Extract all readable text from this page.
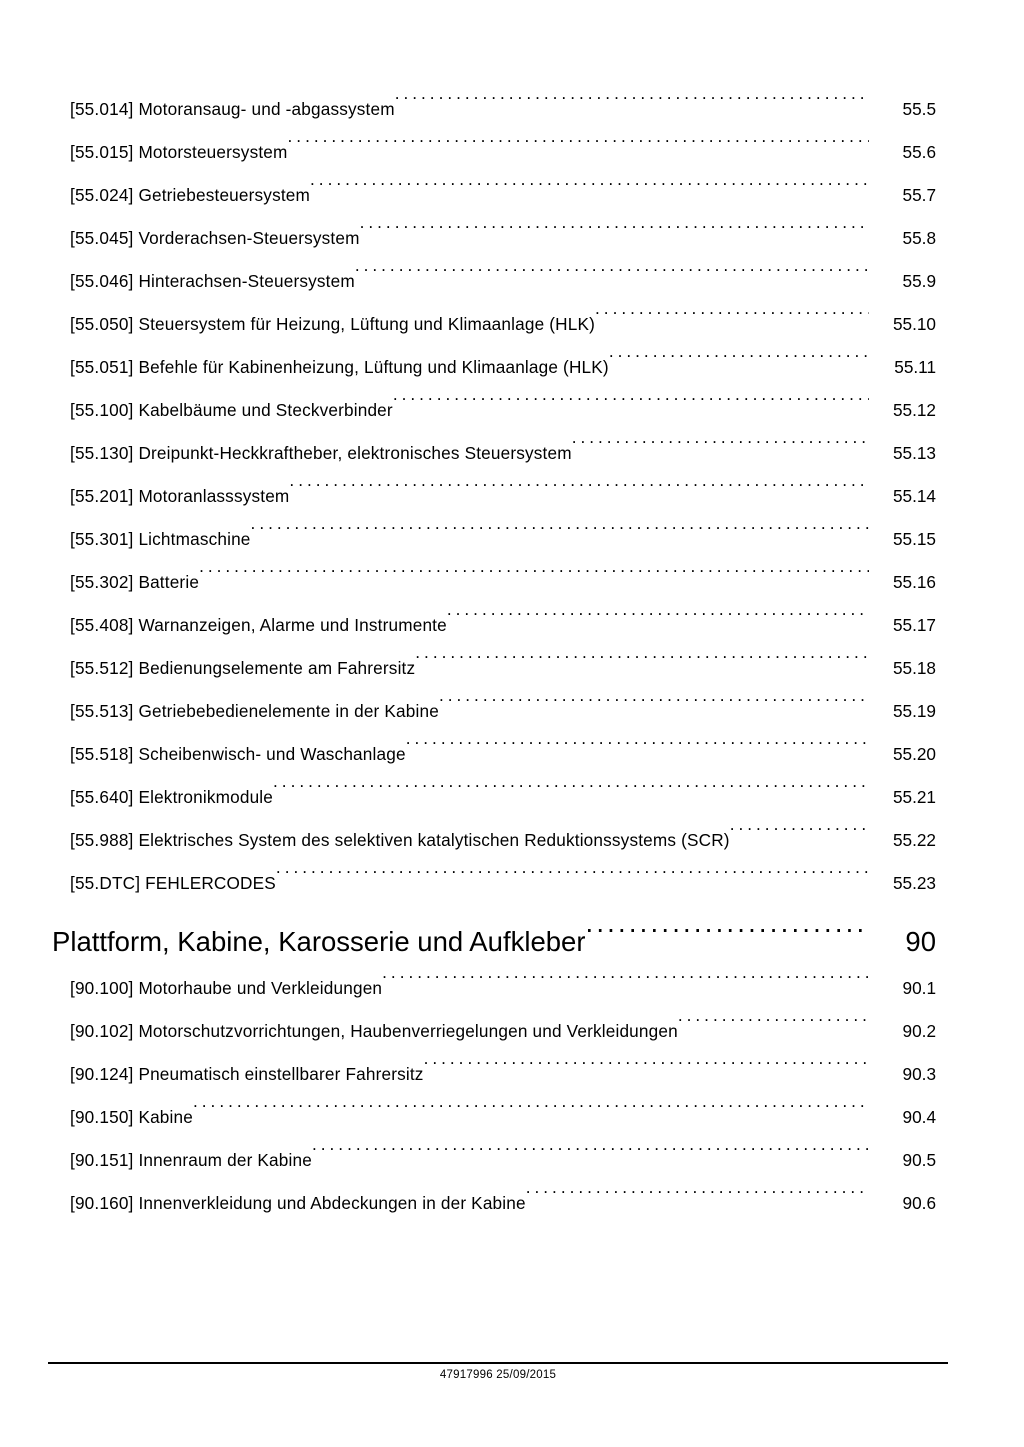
[55.014] Motoransaug- und -abgassystem .....	55.5
[55.015] Motorsteuersystem .....	55.6
[55.024] Getriebesteuersystem .....	55.7
[55.045] Vorderachsen-Steuersystem .....	55.8
[55.046] Hinterachsen-Steuersystem .....	55.9
[55.050] Steuersystem für Heizung, Lüftung und Klimaanlage (HLK) .....	55.10
[55.051] Befehle für Kabinenheizung, Lüftung und Klimaanlage (HLK) .....	55.11
[55.100] Kabelbäume und Steckverbinder .....	55.12
[55.130] Dreipunkt-Heckkraftheber, elektronisches Steuersystem .....	55.13
[55.201] Motoranlasssystem .....	55.14
[55.301] Lichtmaschine .....	55.15
[55.302] Batterie .....	55.16
[55.408] Warnanzeigen, Alarme und Instrumente .....	55.17
[55.512] Bedienungselemente am Fahrersitz .....	55.18
[55.513] Getriebebedienelemente in der Kabine .....	55.19
[55.518] Scheibenwisch- und Waschanlage .....	55.20
[55.640] Elektronikmodule .....	55.21
[55.988] Elektrisches System des selektiven katalytischen Reduktionssystems (SCR) .....	55.22
[55.DTC] FEHLERCODES .....	55.23
Plattform, Kabine, Karosserie und Aufkleber .....	90
[90.100] Motorhaube und Verkleidungen .....	90.1
[90.102] Motorschutzvorrichtungen, Haubenverriegelungen und Verkleidungen .....	90.2
[90.124] Pneumatisch einstellbarer Fahrersitz .....	90.3
[90.150] Kabine .....	90.4
[90.151] Innenraum der Kabine .....	90.5
[90.160] Innenverkleidung und Abdeckungen in der Kabine .....	90.6
47917996 25/09/2015
